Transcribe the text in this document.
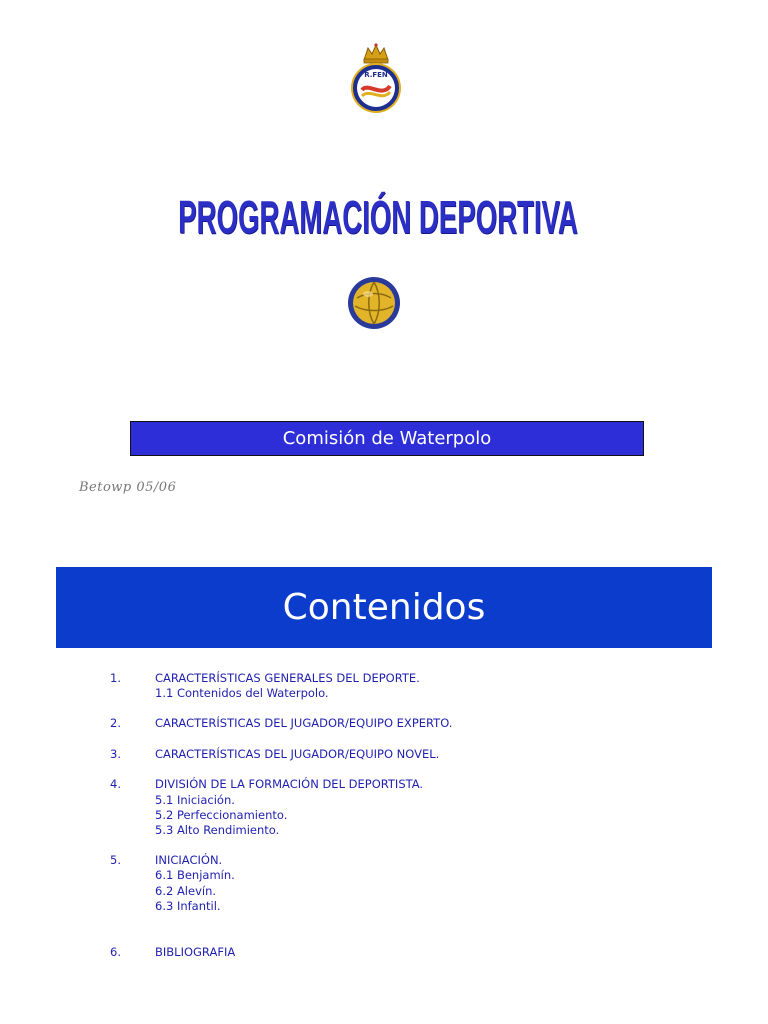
R.FEN
PROGRAMACIÓN DEPORTIVA
Comisión de Waterpolo
Betowp 05/06
Contenidos
1.	CARACTERÍSTICAS GENERALES DEL DEPORTE.
1.1 Contenidos del Waterpolo.
2.	CARACTERÍSTICAS DEL JUGADOR/EQUIPO EXPERTO.
3.	CARACTERÍSTICAS DEL JUGADOR/EQUIPO NOVEL.
4.	DIVISIÓN DE LA FORMACIÓN DEL DEPORTISTA.
5.1 Iniciación.
5.2 Perfeccionamiento.
5.3 Alto Rendimiento.
5.	INICIACIÓN.
6.1 Benjamín.
6.2 Alevín.
6.3 Infantil.
6.	BIBLIOGRAFIA
